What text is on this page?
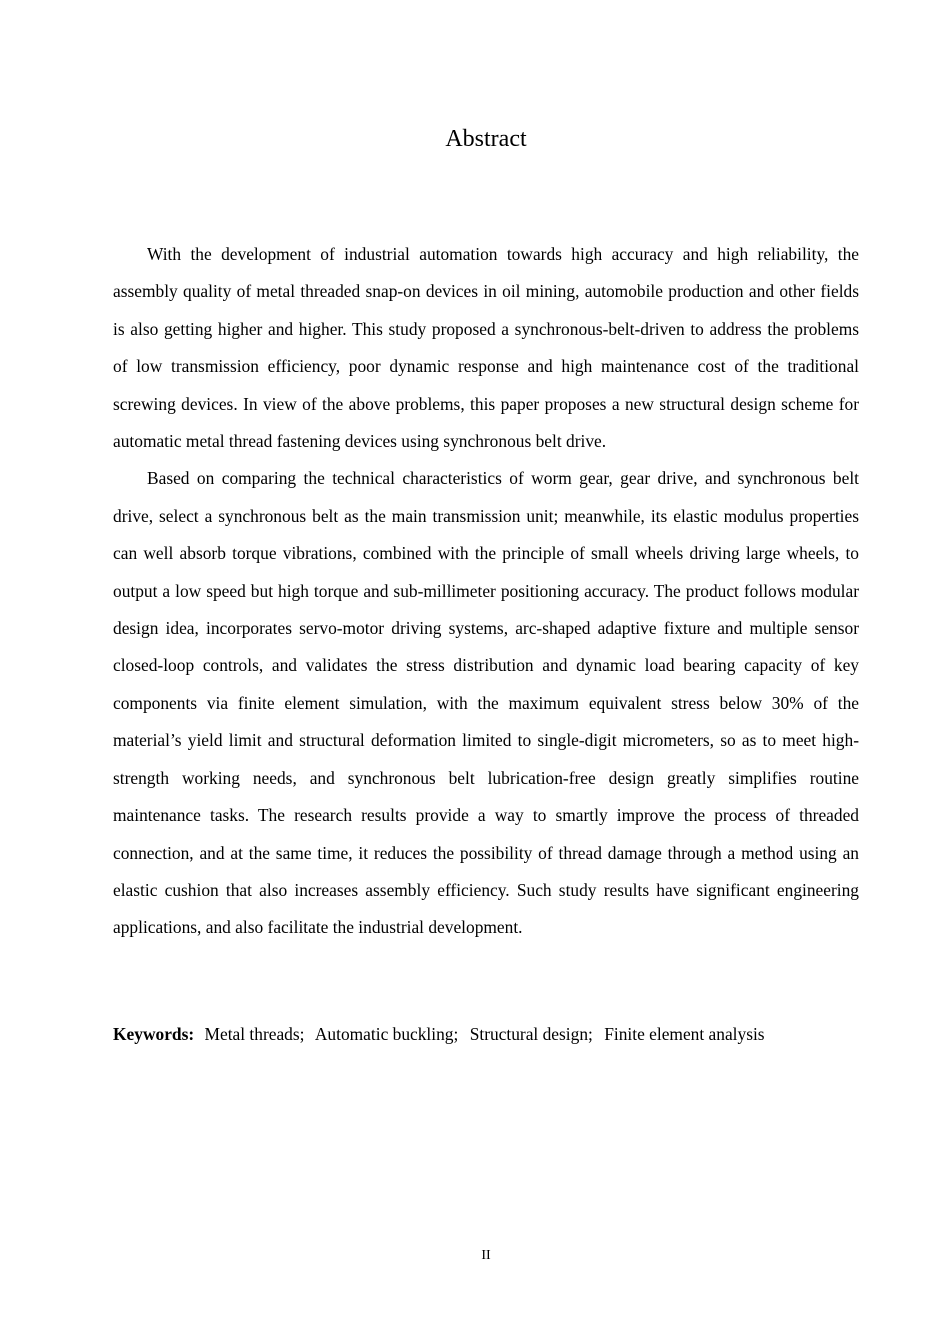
Abstract

With the development of industrial automation towards high accuracy and high reliability, the assembly quality of metal threaded snap-on devices in oil mining, automobile production and other fields is also getting higher and higher. This study proposed a synchronous-belt-driven to address the problems of low transmission efficiency, poor dynamic response and high maintenance cost of the traditional screwing devices. In view of the above problems, this paper proposes a new structural design scheme for automatic metal thread fastening devices using synchronous belt drive.

Based on comparing the technical characteristics of worm gear, gear drive, and synchronous belt drive, select a synchronous belt as the main transmission unit; meanwhile, its elastic modulus properties can well absorb torque vibrations, combined with the principle of small wheels driving large wheels, to output a low speed but high torque and sub-millimeter positioning accuracy. The product follows modular design idea, incorporates servo-motor driving systems, arc-shaped adaptive fixture and multiple sensor closed-loop controls, and validates the stress distribution and dynamic load bearing capacity of key components via finite element simulation, with the maximum equivalent stress below 30% of the material’s yield limit and structural deformation limited to single-digit micrometers, so as to meet high-strength working needs, and synchronous belt lubrication-free design greatly simplifies routine maintenance tasks. The research results provide a way to smartly improve the process of threaded connection, and at the same time, it reduces the possibility of thread damage through a method using an elastic cushion that also increases assembly efficiency. Such study results have significant engineering applications, and also facilitate the industrial development.

Keywords: Metal threads; Automatic buckling; Structural design; Finite element analysis
II
